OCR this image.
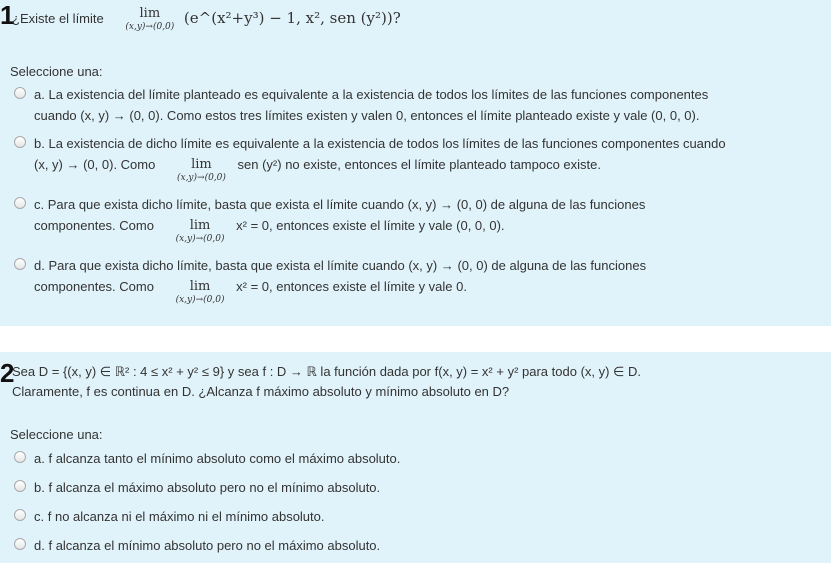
1
¿Existe el límite	lim
(x,y)→(0,0) (e^(x²+y³) − 1, x², sen (y²))?
Seleccione una:
a. La existencia del límite planteado es equivalente a la existencia de todos los límites de las funciones componentes
cuando (x, y) → (0, 0). Como estos tres límites existen y valen 0, entonces el límite planteado existe y vale (0, 0, 0).
b. La existencia de dicho límite es equivalente a la existencia de todos los límites de las funciones componentes cuando
(x, y) → (0, 0). Como	lim
(x,y)→(0,0)
sen (y²) no existe, entonces el límite planteado tampoco existe.
c. Para que exista dicho límite, basta que exista el límite cuando (x, y) → (0, 0) de alguna de las funciones
componentes. Como	lim
(x,y)→(0,0)
x² = 0, entonces existe el límite y vale (0, 0, 0).
d. Para que exista dicho límite, basta que exista el límite cuando (x, y) → (0, 0) de alguna de las funciones
componentes. Como	lim
(x,y)→(0,0)
x² = 0, entonces existe el límite y vale 0.
2
Sea D = {(x, y) ∈ ℝ² : 4 ≤ x² + y² ≤ 9} y sea f : D → ℝ la función dada por f(x, y) = x² + y² para todo (x, y) ∈ D.
Claramente, f es continua en D. ¿Alcanza f máximo absoluto y mínimo absoluto en D?
Seleccione una:
a. f alcanza tanto el mínimo absoluto como el máximo absoluto.
b. f alcanza el máximo absoluto pero no el mínimo absoluto.
c. f no alcanza ni el máximo ni el mínimo absoluto.
d. f alcanza el mínimo absoluto pero no el máximo absoluto.
